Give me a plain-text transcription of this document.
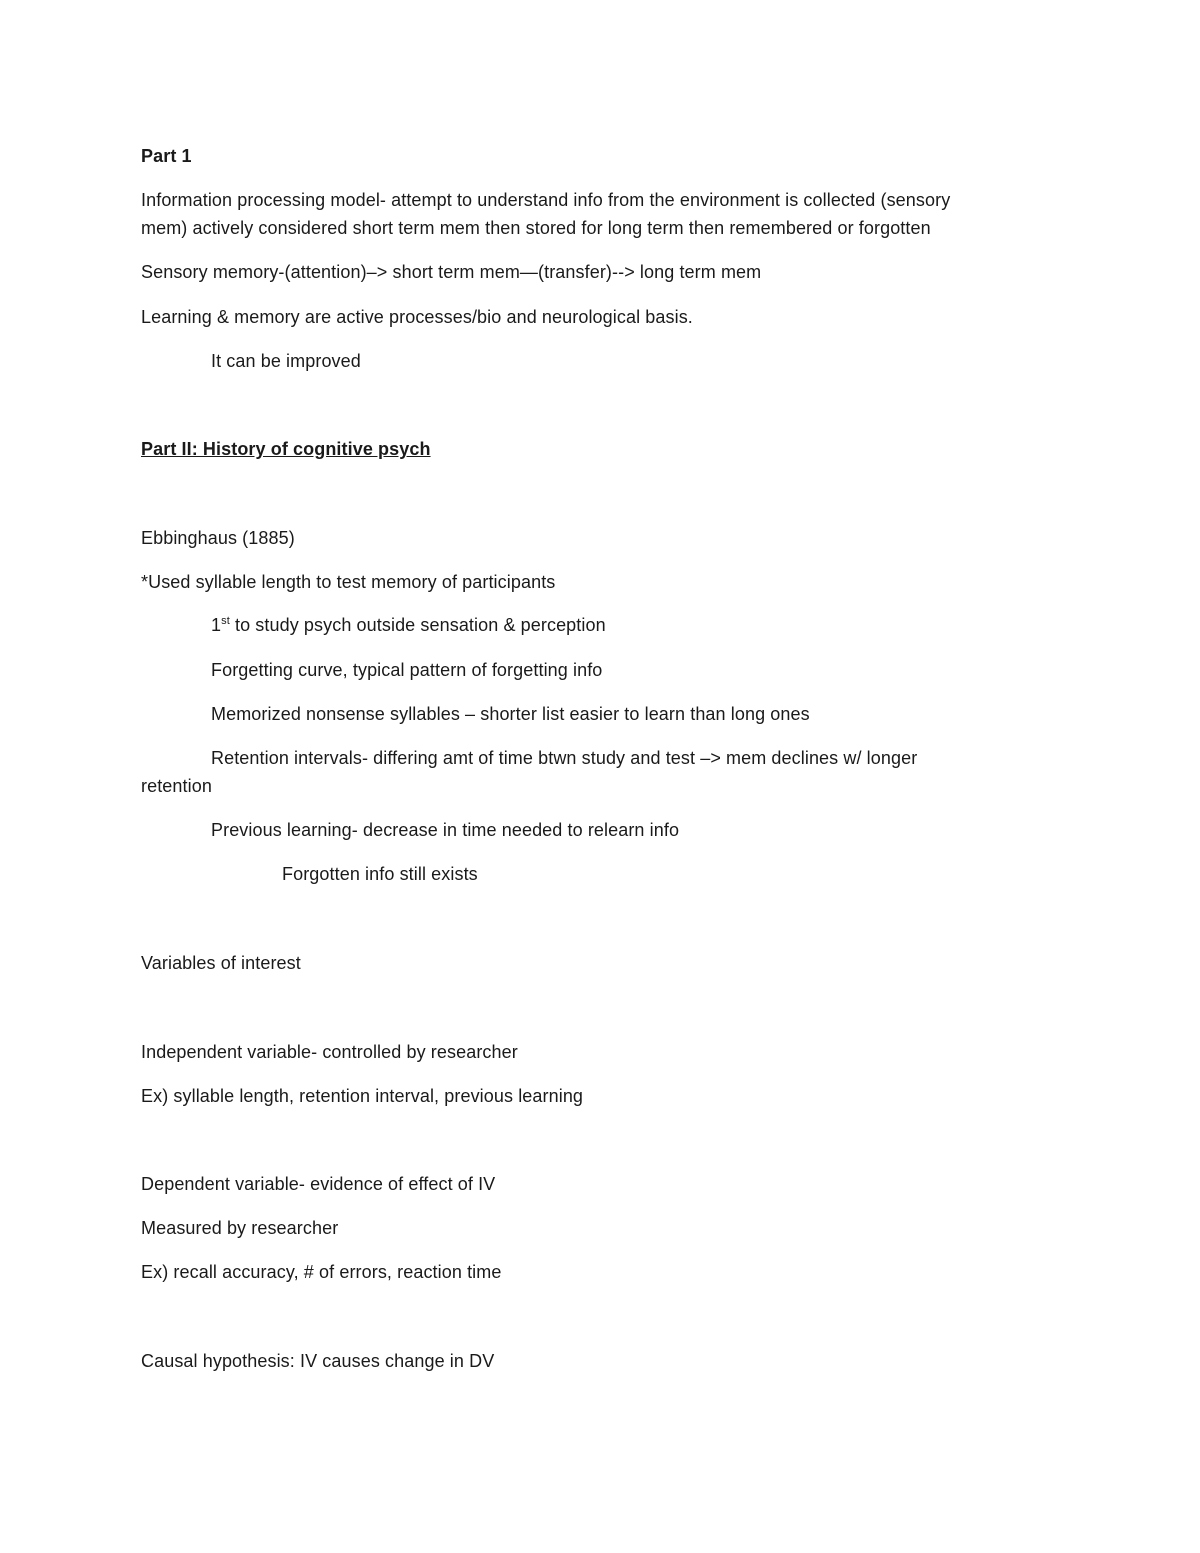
Part 1
Information processing model- attempt to understand info from the environment is collected (sensory
mem) actively considered short term mem then stored for long term then remembered or forgotten
Sensory memory-(attention)–> short term mem—(transfer)--> long term mem
Learning & memory are active processes/bio and neurological basis.
It can be improved
Part II: History of cognitive psych
Ebbinghaus (1885)
*Used syllable length to test memory of participants
1st to study psych outside sensation & perception
Forgetting curve, typical pattern of forgetting info
Memorized nonsense syllables – shorter list easier to learn than long ones
Retention intervals- differing amt of time btwn study and test –> mem declines w/ longer
retention
Previous learning- decrease in time needed to relearn info
Forgotten info still exists
Variables of interest
Independent variable- controlled by researcher
Ex) syllable length, retention interval, previous learning
Dependent variable- evidence of effect of IV
Measured by researcher
Ex) recall accuracy, # of errors, reaction time
Causal hypothesis: IV causes change in DV
